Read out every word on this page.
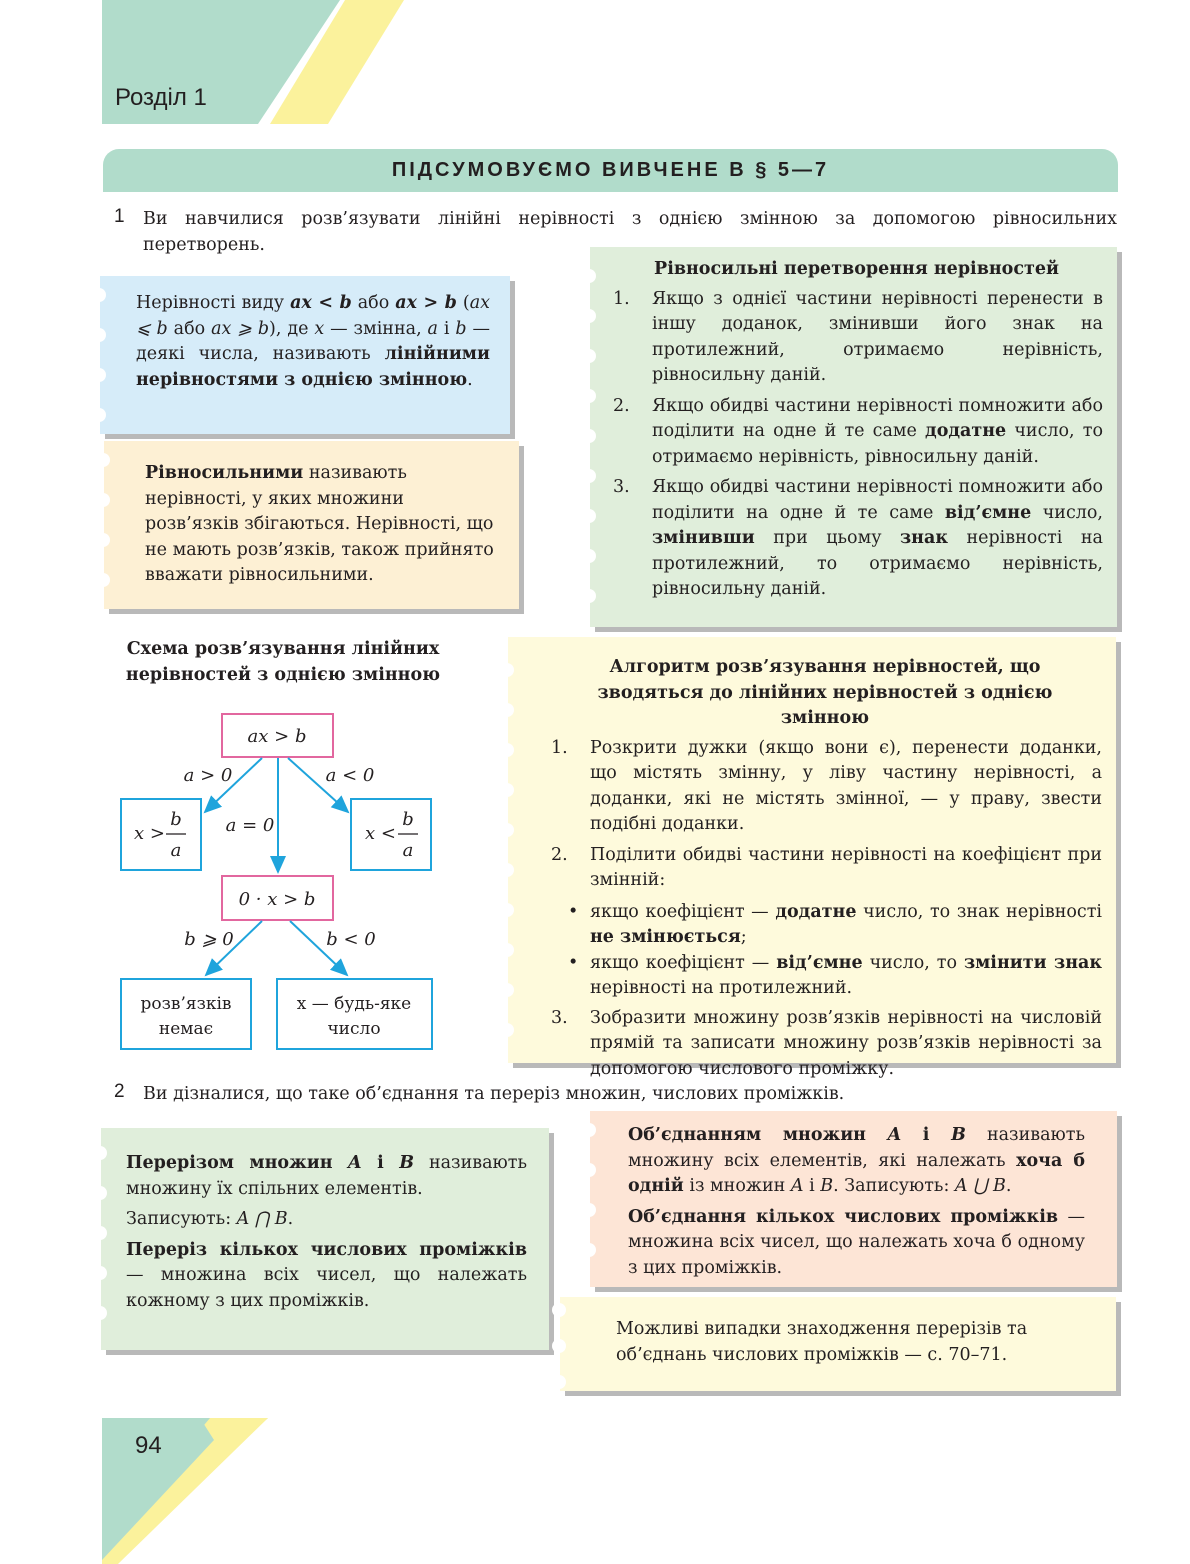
Розділ 1
ПІДСУМОВУЄМО ВИВЧЕНЕ В § 5—7
1 Ви навчилися розв’язувати лінійні нерівності з однією змінною за допомогою рівносильних перетворень.

Нерівності виду ax < b або ax > b (ax ⩽ b або ax ⩾ b), де x — змінна, a і b — деякі числа, називають лінійними нерівностями з однією змінною.

Рівносильними називають нерівності, у яких множини розв’язків збігаються. Нерівності, що не мають розв’язків, також прийнято вважати рівносильними.

Рівносильні перетворення нерівностей
1. Якщо з однієї частини нерівності перенести в іншу доданок, змінивши його знак на протилежний, отримаємо нерівність, рівносильну даній.
2. Якщо обидві частини нерівності помножити або поділити на одне й те саме додатне число, то отримаємо нерівність, рівносильну даній.
3. Якщо обидві частини нерівності помножити або поділити на одне й те саме від’ємне число, змінивши при цьому знак нерівності на протилежний, то отримаємо нерівність, рівносильну даній.
Схема розв’язування лінійних нерівностей з однією змінною
ax > b
a > 0	a < 0
a = 0
x >
b
a
x <
b
a
0 · x > b
b ⩾ 0	b < 0
розв’язків
немає
x — будь-яке
число
Алгоритм розв’язування нерівностей, що зводяться до лінійних нерівностей з однією змінною
1. Розкрити дужки (якщо вони є), перенести доданки, що містять змінну, у ліву частину нерівності, а доданки, які не містять змінної, — у праву, звести подібні доданки.
2. Поділити обидві частини нерівності на коефіцієнт при змінній:
• якщо коефіцієнт — додатне число, то знак нерівності не змінюється;
• якщо коефіцієнт — від’ємне число, то змінити знак нерівності на протилежний.
3. Зобразити множину розв’язків нерівності на числовій прямій та записати множину розв’язків нерівності за допомогою числового проміжку.
2 Ви дізналися, що таке об’єднання та переріз множин, числових проміжків.

Перерізом множин A і B називають множину їх спільних елементів.

Записують: A ⋂ B.

Переріз кількох числових проміжків — множина всіх чисел, що належать кожному з цих проміжків.

Об’єднанням множин A і B називають множину всіх елементів, які належать хоча б одній із множин A і B. Записують: A ⋃ B.

Об’єднання кількох числових проміжків — множина всіх чисел, що належать хоча б одному з цих проміжків.

Можливі випадки знаходження перерізів та об’єднань числових проміжків — с. 70–71.

94
